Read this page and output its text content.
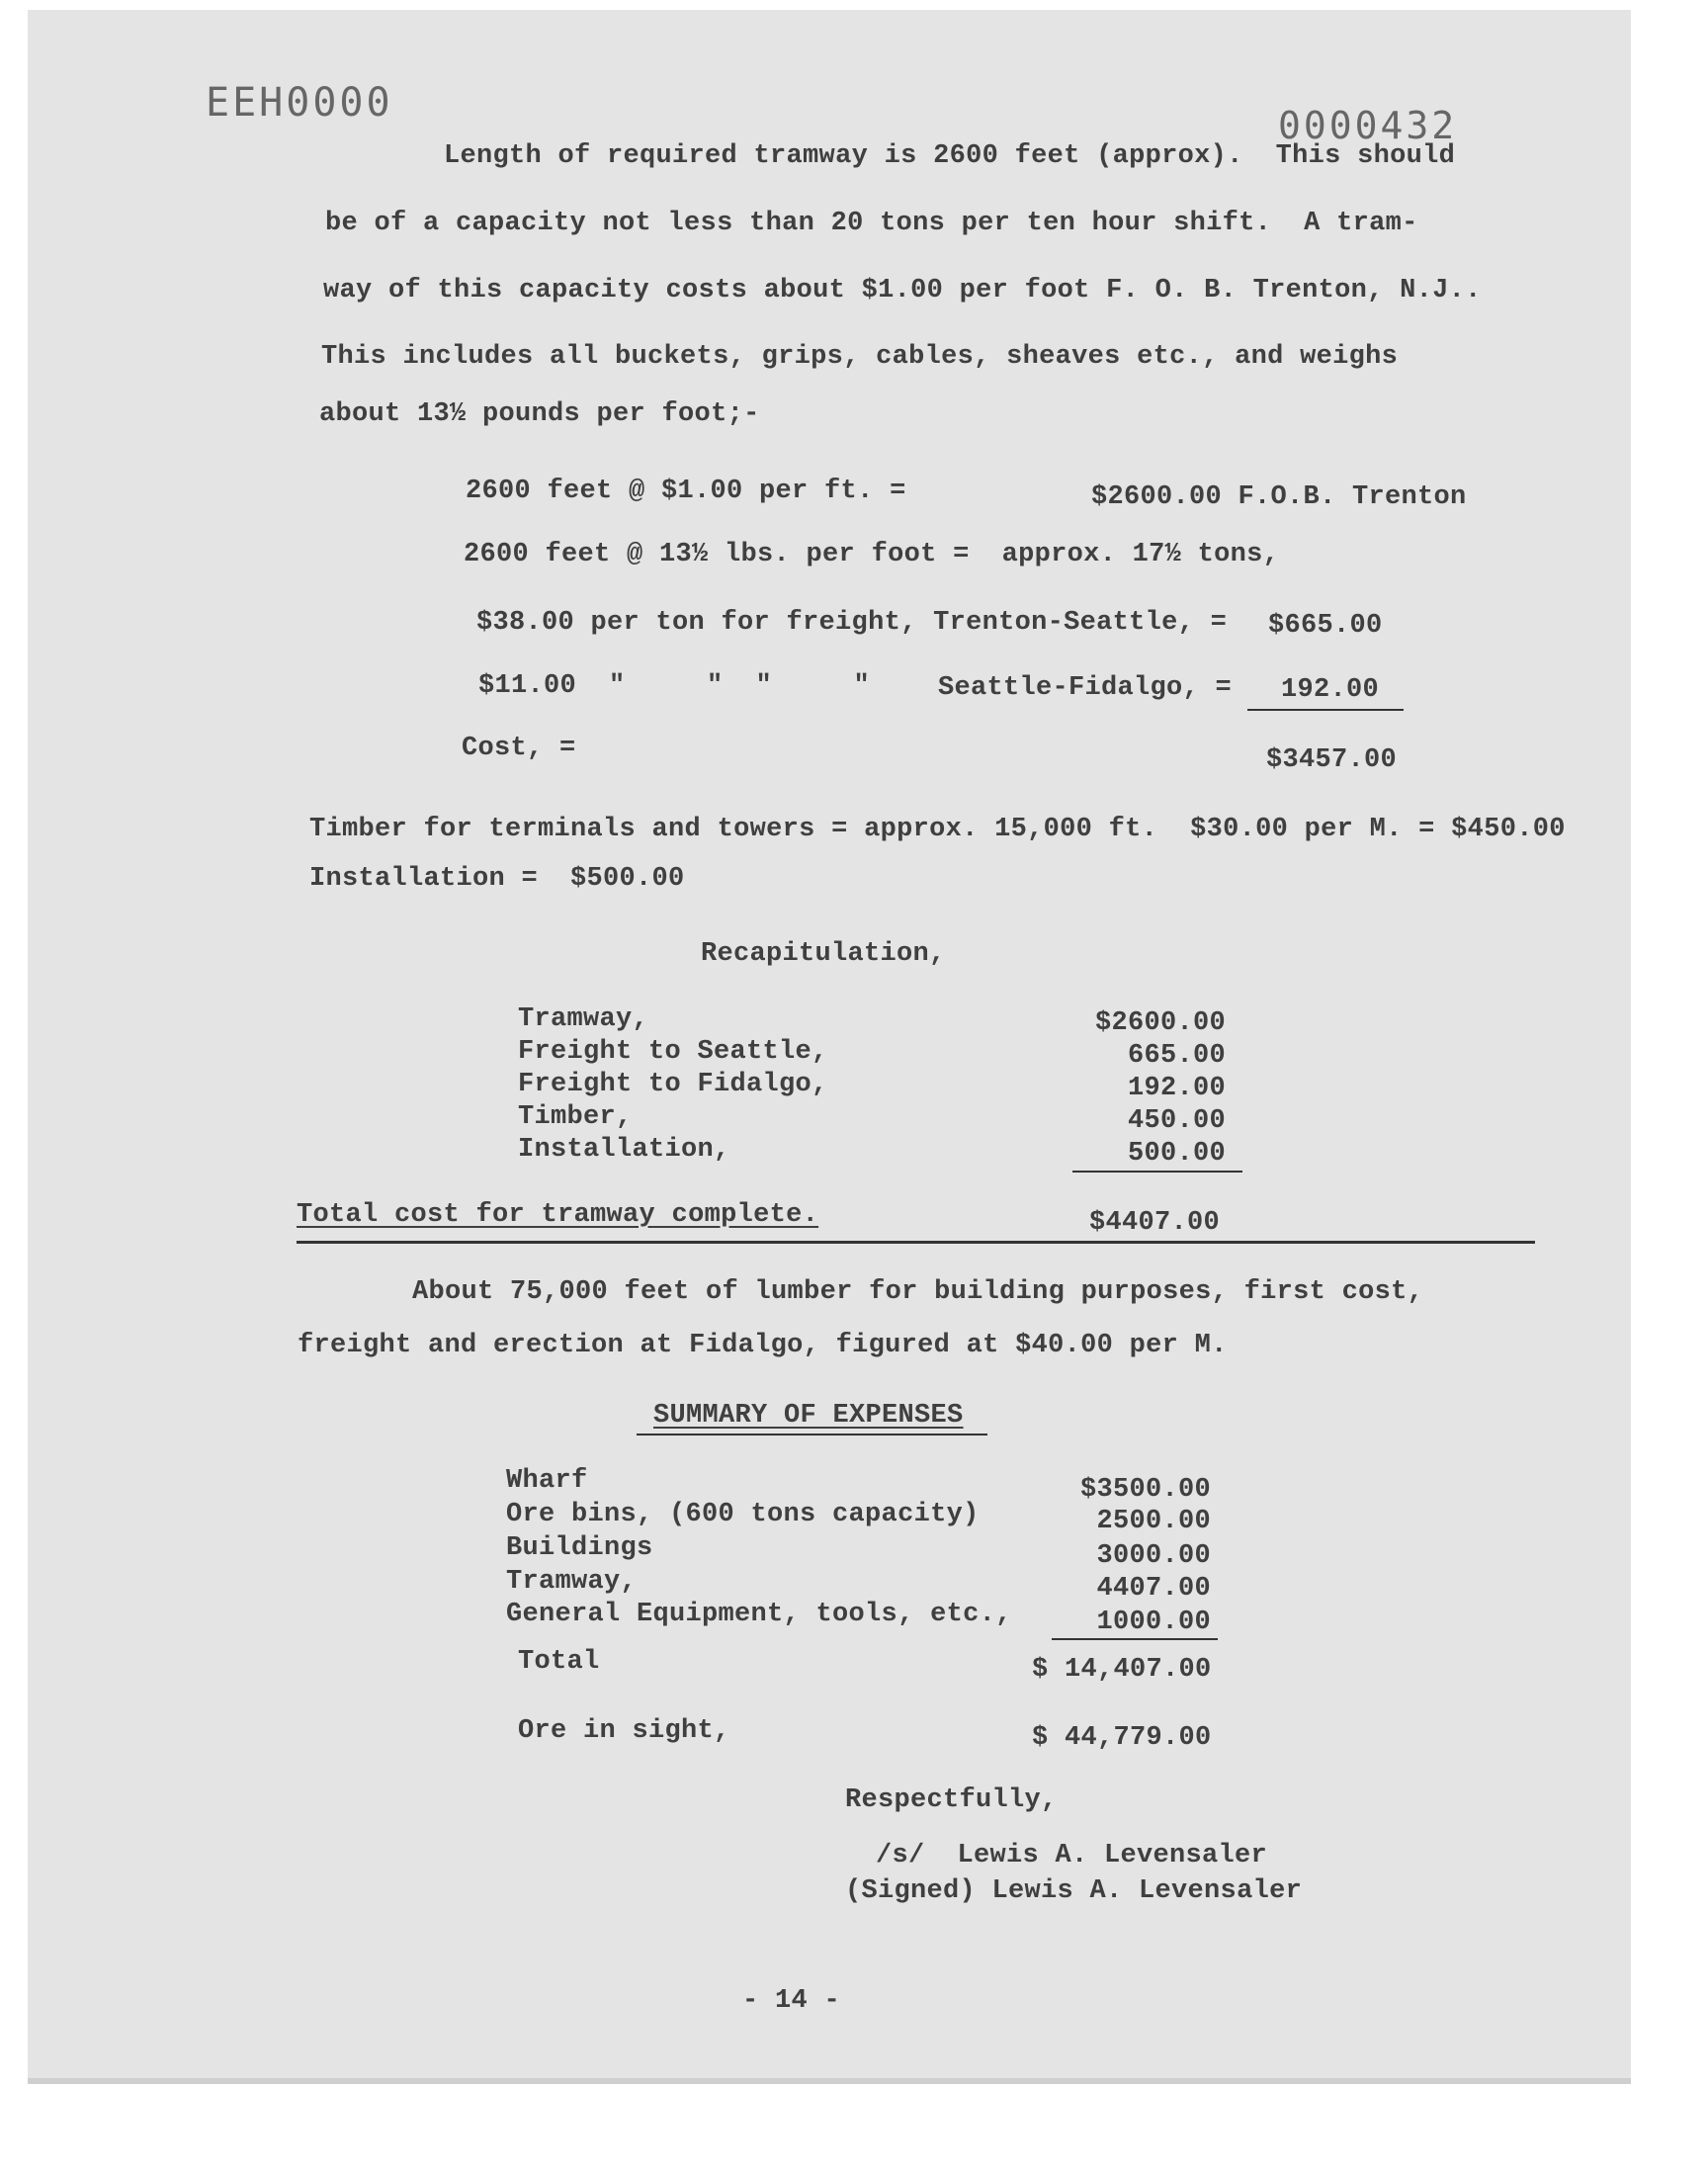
EEH0000	0000432
Length of required tramway is 2600 feet (approx).  This should
be of a capacity not less than 20 tons per ten hour shift.  A tram-
way of this capacity costs about $1.00 per foot F. O. B. Trenton, N.J..
This includes all buckets, grips, cables, sheaves etc., and weighs
about 13½ pounds per foot;-
2600 feet @ $1.00 per ft. =	$2600.00 F.O.B. Trenton
2600 feet @ 13½ lbs. per foot =  approx. 17½ tons,
$38.00 per ton for freight, Trenton-Seattle, = $665.00
$11.00  "     "  "     "	Seattle-Fidalgo, = 192.00
Cost, =	$3457.00
Timber for terminals and towers = approx. 15,000 ft.  $30.00 per M. = $450.00
Installation =  $500.00
Recapitulation,
Tramway,	$2600.00
Freight to Seattle,	665.00
Freight to Fidalgo,	192.00
Timber,	450.00
Installation,	500.00
Total cost for tramway complete.	$4407.00
About 75,000 feet of lumber for building purposes, first cost,
freight and erection at Fidalgo, figured at $40.00 per M.
SUMMARY OF EXPENSES
Wharf	$3500.00
Ore bins, (600 tons capacity)	2500.00
Buildings	3000.00
Tramway,	4407.00
General Equipment, tools, etc.,	1000.00
Total	$ 14,407.00
Ore in sight,	$ 44,779.00
Respectfully,
/s/  Lewis A. Levensaler
(Signed) Lewis A. Levensaler
- 14 -
